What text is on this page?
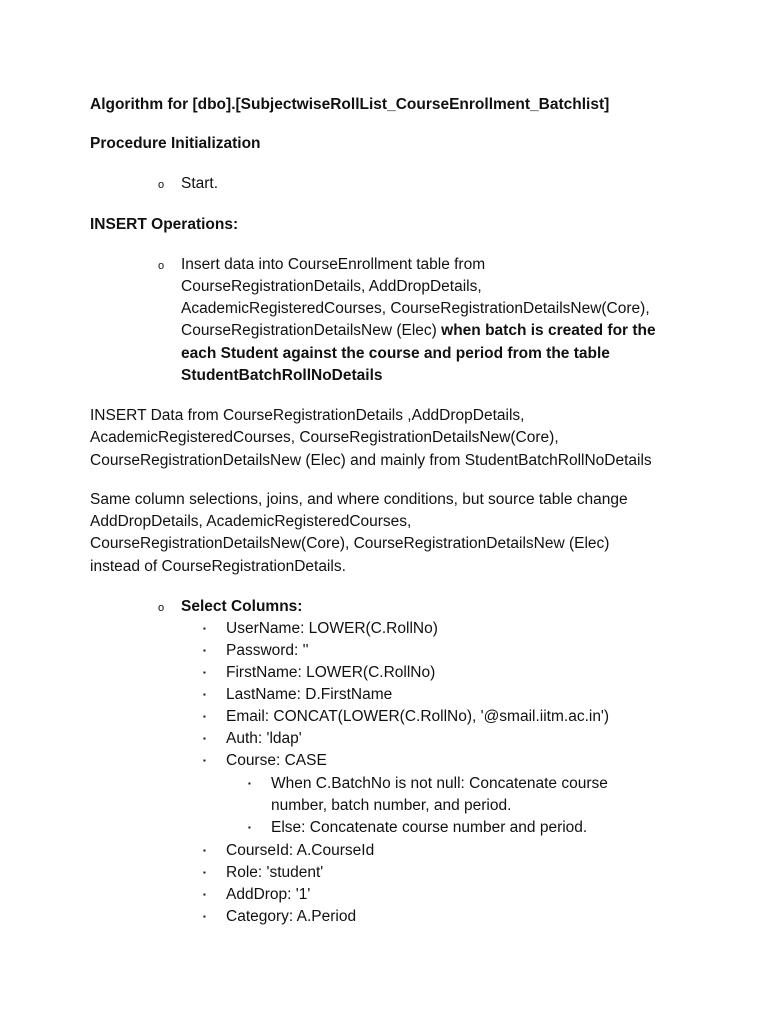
Algorithm for [dbo].[SubjectwiseRollList_CourseEnrollment_Batchlist]
Procedure Initialization
o Start.
INSERT Operations:
o Insert data into CourseEnrollment table from
CourseRegistrationDetails, AddDropDetails,
AcademicRegisteredCourses, CourseRegistrationDetailsNew(Core),
CourseRegistrationDetailsNew (Elec) when batch is created for the
each Student against the course and period from the table
StudentBatchRollNoDetails
INSERT Data from CourseRegistrationDetails ,AddDropDetails,
AcademicRegisteredCourses, CourseRegistrationDetailsNew(Core),
CourseRegistrationDetailsNew (Elec) and mainly from StudentBatchRollNoDetails
Same column selections, joins, and where conditions, but source table change
AddDropDetails, AcademicRegisteredCourses,
CourseRegistrationDetailsNew(Core), CourseRegistrationDetailsNew (Elec)
instead of CourseRegistrationDetails.
o Select Columns:
▪ UserName: LOWER(C.RollNo)
▪ Password: ''
▪ FirstName: LOWER(C.RollNo)
▪ LastName: D.FirstName
▪ Email: CONCAT(LOWER(C.RollNo), '@smail.iitm.ac.in')
▪ Auth: 'ldap'
▪ Course: CASE
▪ When C.BatchNo is not null: Concatenate course
number, batch number, and period.
▪ Else: Concatenate course number and period.
▪ CourseId: A.CourseId
▪ Role: 'student'
▪ AddDrop: '1'
▪ Category: A.Period
